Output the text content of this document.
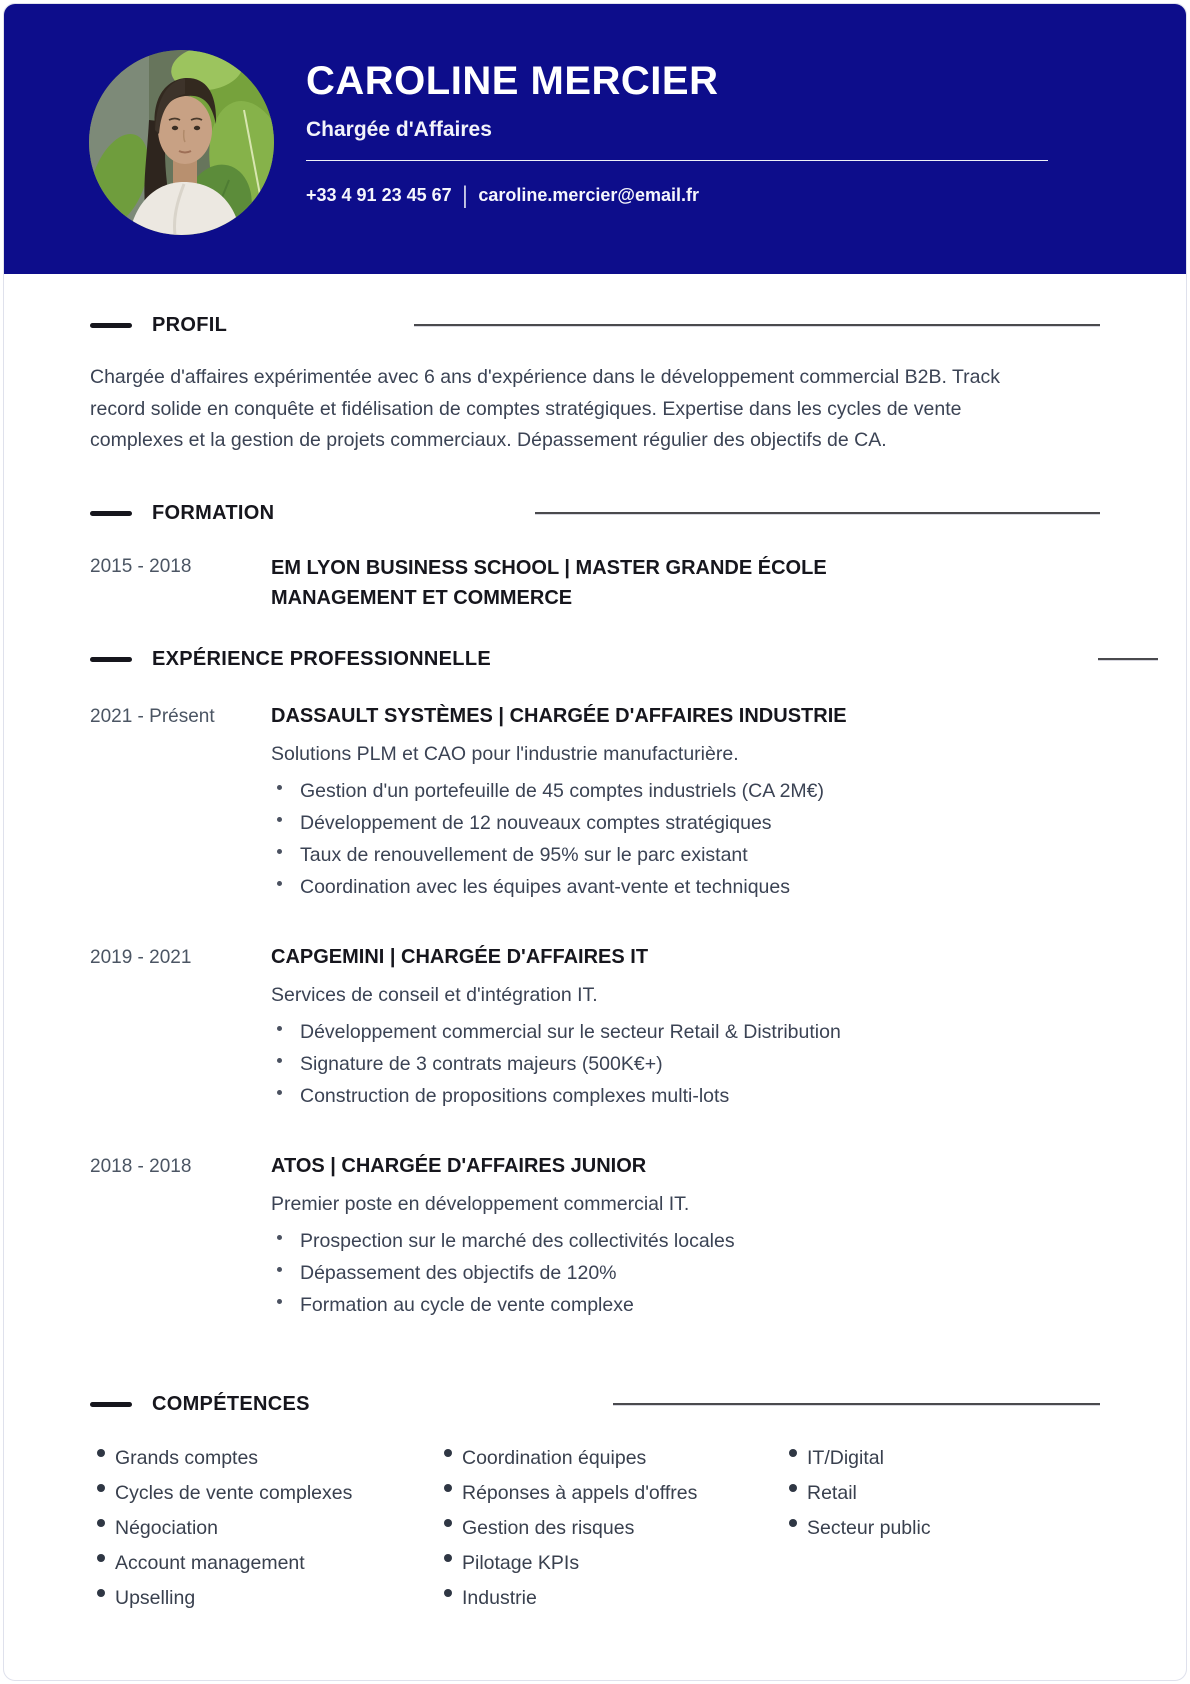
CAROLINE MERCIER
Chargée d'Affaires
+33 4 91 23 45 67 | caroline.mercier@email.fr
PROFIL

Chargée d'affaires expérimentée avec 6 ans d'expérience dans le développement commercial B2B. Track record solide en conquête et fidélisation de comptes stratégiques. Expertise dans les cycles de vente complexes et la gestion de projets commerciaux. Dépassement régulier des objectifs de CA.

FORMATION
2015 - 2018	EM LYON BUSINESS SCHOOL | MASTER GRANDE ÉCOLE MANAGEMENT ET COMMERCE
EXPÉRIENCE PROFESSIONNELLE
2021 - Présent	DASSAULT SYSTÈMES | CHARGÉE D'AFFAIRES INDUSTRIE
Solutions PLM et CAO pour l'industrie manufacturière.
Gestion d'un portefeuille de 45 comptes industriels (CA 2M€)
Développement de 12 nouveaux comptes stratégiques
Taux de renouvellement de 95% sur le parc existant
Coordination avec les équipes avant-vente et techniques
2019 - 2021	CAPGEMINI | CHARGÉE D'AFFAIRES IT
Services de conseil et d'intégration IT.
Développement commercial sur le secteur Retail & Distribution
Signature de 3 contrats majeurs (500K€+)
Construction de propositions complexes multi-lots
2018 - 2018	ATOS | CHARGÉE D'AFFAIRES JUNIOR
Premier poste en développement commercial IT.
Prospection sur le marché des collectivités locales
Dépassement des objectifs de 120%
Formation au cycle de vente complexe
COMPÉTENCES
Grands comptes
Cycles de vente complexes
Négociation
Account management
Upselling
Coordination équipes
Réponses à appels d'offres
Gestion des risques
Pilotage KPIs
Industrie
IT/Digital
Retail
Secteur public
